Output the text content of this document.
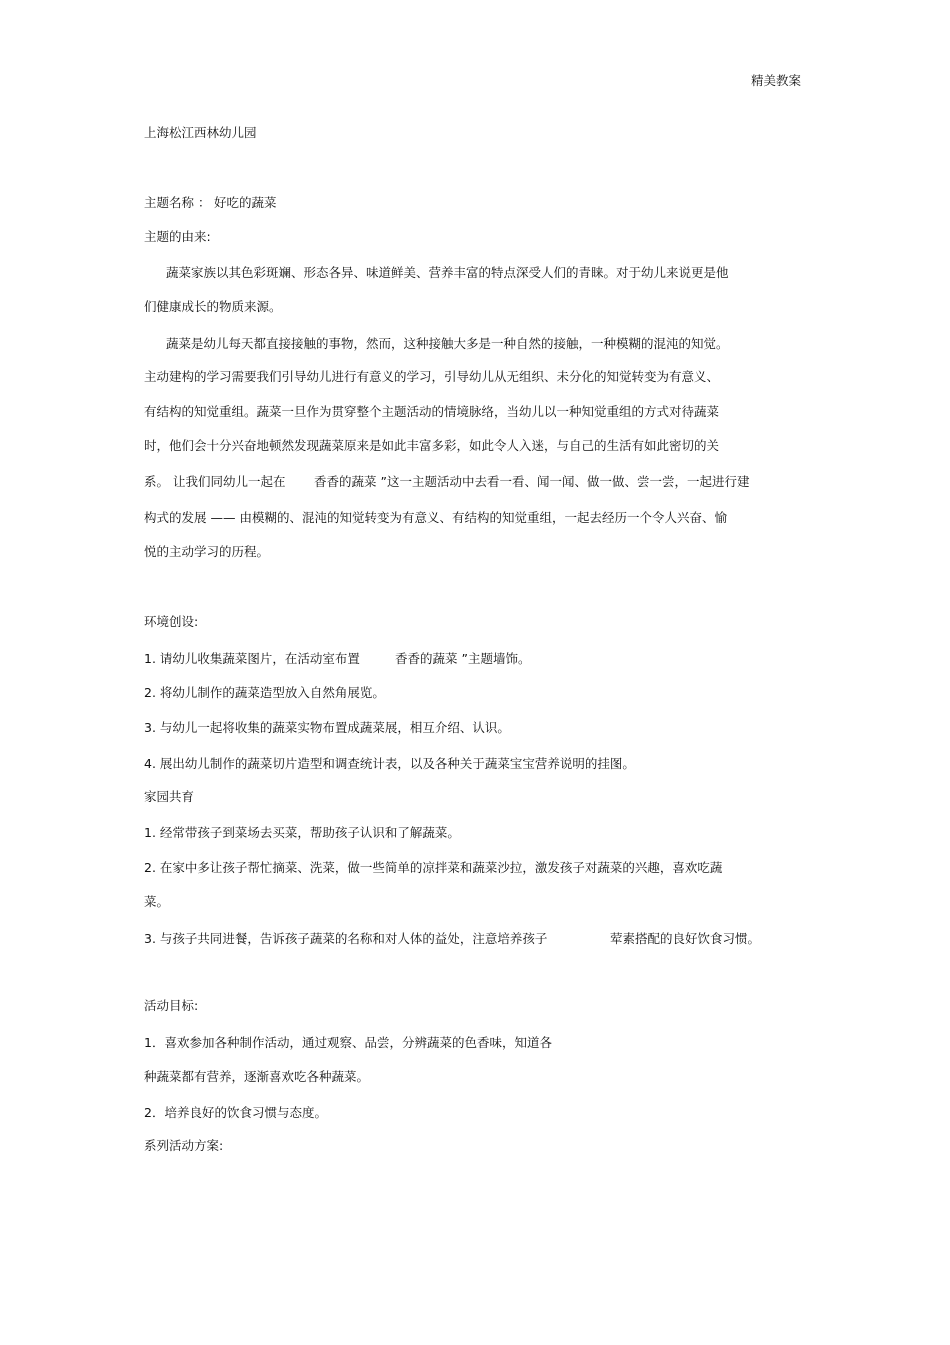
精美教案
上海松江西林幼儿园
主题名称 ： 好吃的蔬菜
主题的由来:
蔬菜家族以其色彩斑斓、形态各异、味道鲜美、营养丰富的特点深受人们的青睐。对于幼儿来说更是他
们健康成长的物质来源。
蔬菜是幼儿每天都直接接触的事物，然而，这种接触大多是一种自然的接触，一种模糊的混沌的知觉。
主动建构的学习需要我们引导幼儿进行有意义的学习，引导幼儿从无组织、未分化的知觉转变为有意义、
有结构的知觉重组。蔬菜一旦作为贯穿整个主题活动的情境脉络，当幼儿以一种知觉重组的方式对待蔬菜
时，他们会十分兴奋地顿然发现蔬菜原来是如此丰富多彩，如此令人入迷，与自己的生活有如此密切的关
系。 让我们同幼儿一起在 香香的蔬菜 ”这一主题活动中去看一看、闻一闻、做一做、尝一尝，一起进行建
构式的发展 —— 由模糊的、混沌的知觉转变为有意义、有结构的知觉重组，一起去经历一个令人兴奋、愉
悦的主动学习的历程。
环境创设:
1. 请幼儿收集蔬菜图片，在活动室布置	香香的蔬菜 ”主题墙饰。
2. 将幼儿制作的蔬菜造型放入自然角展览。
3. 与幼儿一起将收集的蔬菜实物布置成蔬菜展，相互介绍、认识。
4. 展出幼儿制作的蔬菜切片造型和调查统计表，以及各种关于蔬菜宝宝营养说明的挂图。
家园共育
1. 经常带孩子到菜场去买菜，帮助孩子认识和了解蔬菜。
2. 在家中多让孩子帮忙摘菜、洗菜，做一些简单的凉拌菜和蔬菜沙拉，激发孩子对蔬菜的兴趣，喜欢吃蔬
菜。
3. 与孩子共同进餐，告诉孩子蔬菜的名称和对人体的益处，注意培养孩子	荤素搭配的良好饮食习惯。
活动目标:
1．喜欢参加各种制作活动，通过观察、品尝，分辨蔬菜的色香味，知道各
种蔬菜都有营养，逐渐喜欢吃各种蔬菜。
2．培养良好的饮食习惯与态度。
系列活动方案:
